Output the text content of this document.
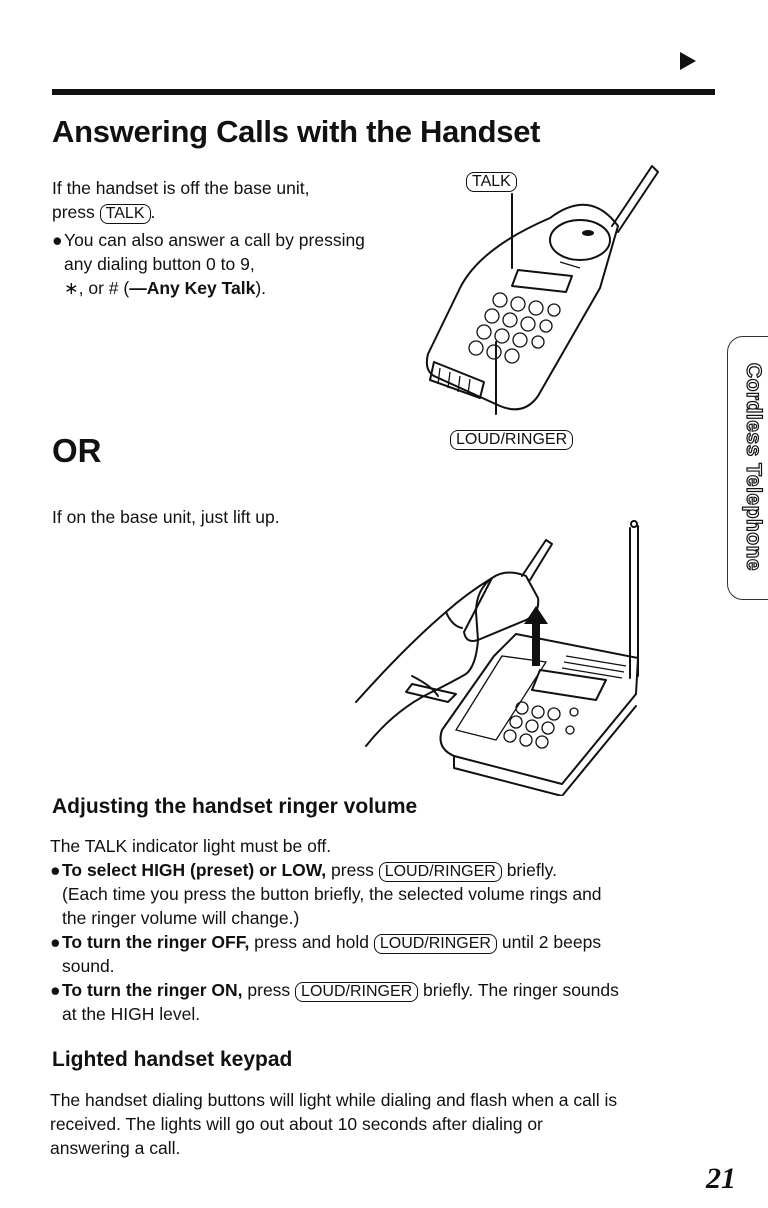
Answering Calls with the Handset
If the handset is off the base unit,
press TALK .
● You can also answer a call by pressing any dialing button 0 to 9,
∗, or # (—Any Key Talk).
TALK
LOUD/RINGER
OR
If on the base unit, just lift up.
Adjusting the handset ringer volume
The TALK indicator light must be off.
● To select HIGH (preset) or LOW, press LOUD/RINGER briefly.
(Each time you press the button briefly, the selected volume rings and
the ringer volume will change.)
● To turn the ringer OFF, press and hold LOUD/RINGER until 2 beeps
sound.
● To turn the ringer ON, press LOUD/RINGER briefly. The ringer sounds
at the HIGH level.
Lighted handset keypad
The handset dialing buttons will light while dialing and flash when a call is
received. The lights will go out about 10 seconds after dialing or
answering a call.
Cordless Telephone
21
